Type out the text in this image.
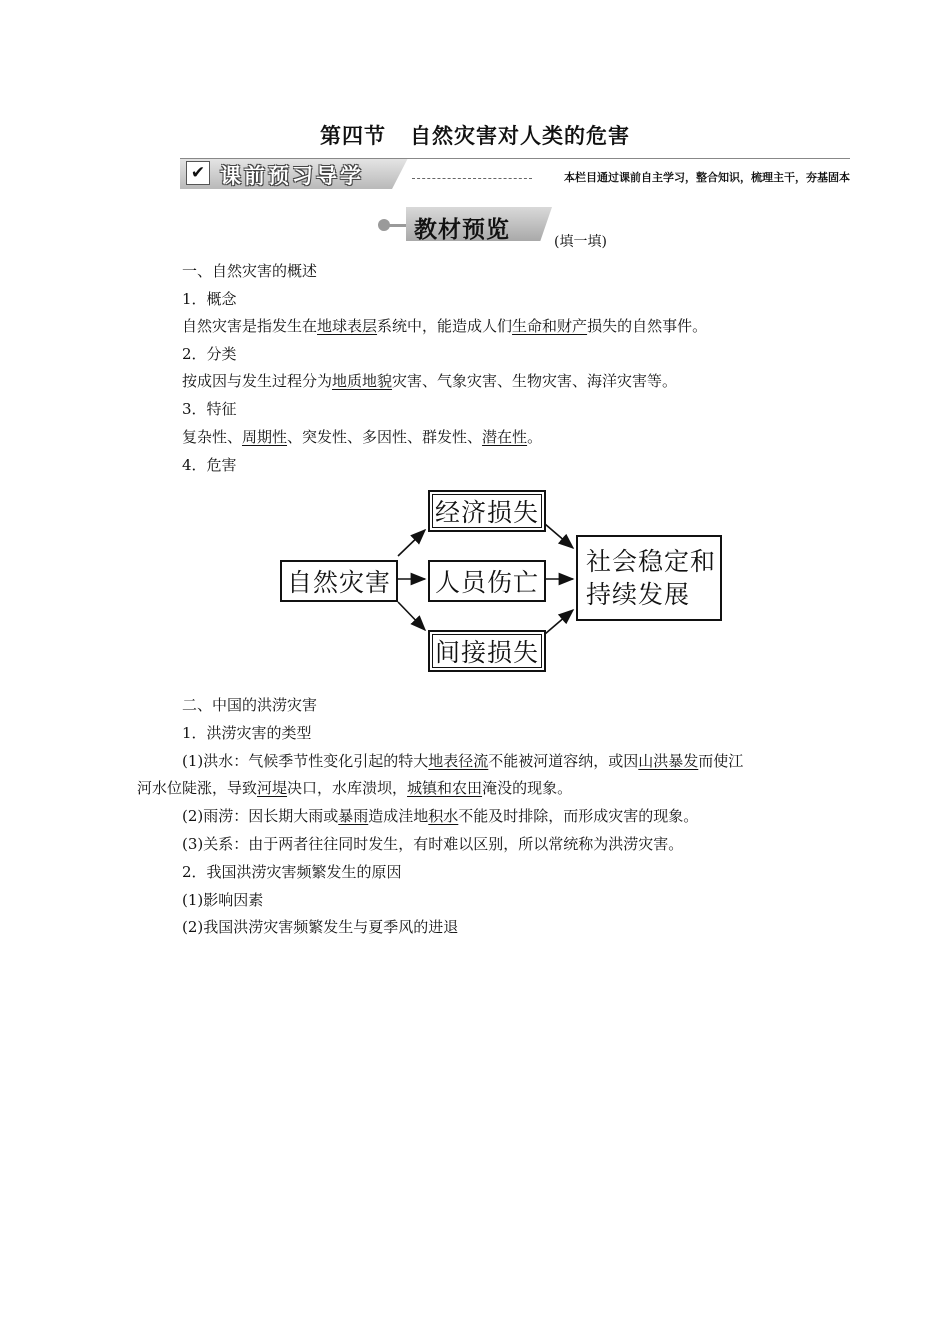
第四节 自然灾害对人类的危害
✔ 课前预习导学	本栏目通过课前自主学习，整合知识，梳理主干，夯基固本
教材预览	(填一填)
一、自然灾害的概述
1．概念
自然灾害是指发生在地球表层系统中，能造成人们生命和财产损失的自然事件。
2．分类
按成因与发生过程分为地质地貌灾害、气象灾害、生物灾害、海洋灾害等。
3．特征
复杂性、周期性、突发性、多因性、群发性、潜在性。
4．危害
自然灾害
经济损失
人员伤亡
间接损失
社会稳定和
持续发展
二、中国的洪涝灾害
1．洪涝灾害的类型
(1)洪水：气候季节性变化引起的特大地表径流不能被河道容纳，或因山洪暴发而使江
河水位陡涨，导致河堤决口，水库溃坝，城镇和农田淹没的现象。
(2)雨涝：因长期大雨或暴雨造成洼地积水不能及时排除，而形成灾害的现象。
(3)关系：由于两者往往同时发生，有时难以区别，所以常统称为洪涝灾害。
2．我国洪涝灾害频繁发生的原因
(1)影响因素
(2)我国洪涝灾害频繁发生与夏季风的进退
